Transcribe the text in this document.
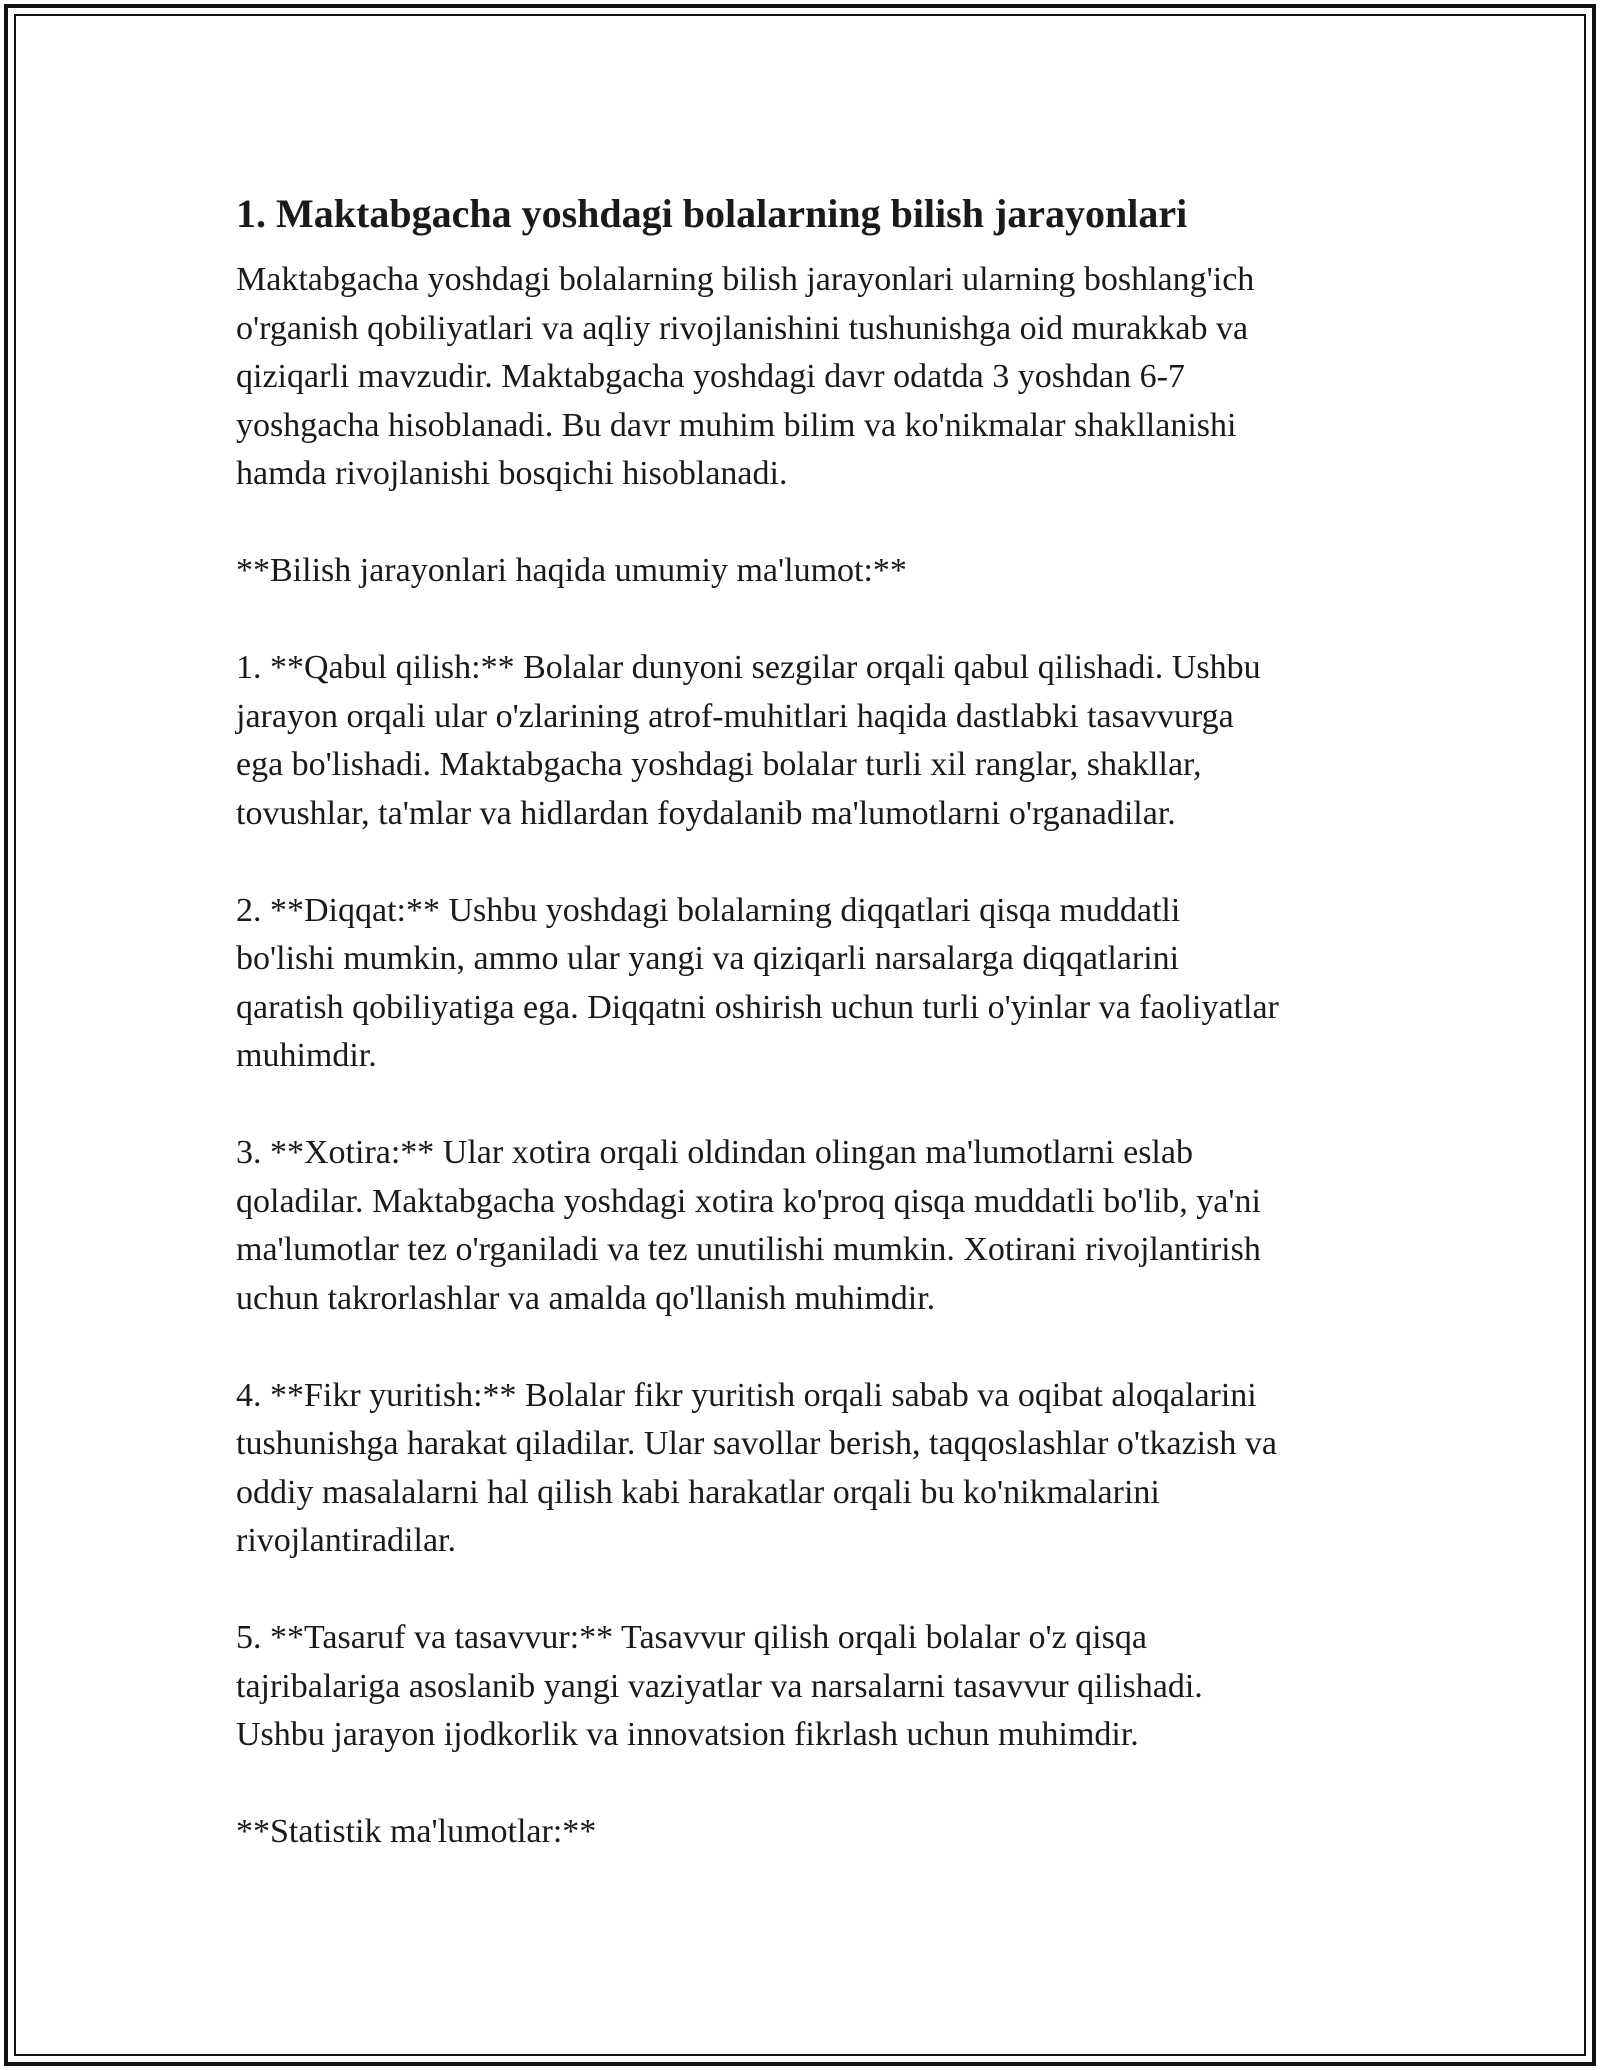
1. Maktabgacha yoshdagi bolalarning bilish jarayonlari

Maktabgacha yoshdagi bolalarning bilish jarayonlari ularning boshlang'ich
o'rganish qobiliyatlari va aqliy rivojlanishini tushunishga oid murakkab va
qiziqarli mavzudir. Maktabgacha yoshdagi davr odatda 3 yoshdan 6-7
yoshgacha hisoblanadi. Bu davr muhim bilim va ko'nikmalar shakllanishi
hamda rivojlanishi bosqichi hisoblanadi.

**Bilish jarayonlari haqida umumiy ma'lumot:**

1. **Qabul qilish:** Bolalar dunyoni sezgilar orqali qabul qilishadi. Ushbu
jarayon orqali ular o'zlarining atrof-muhitlari haqida dastlabki tasavvurga
ega bo'lishadi. Maktabgacha yoshdagi bolalar turli xil ranglar, shakllar,
tovushlar, ta'mlar va hidlardan foydalanib ma'lumotlarni o'rganadilar.

2. **Diqqat:** Ushbu yoshdagi bolalarning diqqatlari qisqa muddatli
bo'lishi mumkin, ammo ular yangi va qiziqarli narsalarga diqqatlarini
qaratish qobiliyatiga ega. Diqqatni oshirish uchun turli o'yinlar va faoliyatlar
muhimdir.

3. **Xotira:** Ular xotira orqali oldindan olingan ma'lumotlarni eslab
qoladilar. Maktabgacha yoshdagi xotira ko'proq qisqa muddatli bo'lib, ya'ni
ma'lumotlar tez o'rganiladi va tez unutilishi mumkin. Xotirani rivojlantirish
uchun takrorlashlar va amalda qo'llanish muhimdir.

4. **Fikr yuritish:** Bolalar fikr yuritish orqali sabab va oqibat aloqalarini
tushunishga harakat qiladilar. Ular savollar berish, taqqoslashlar o'tkazish va
oddiy masalalarni hal qilish kabi harakatlar orqali bu ko'nikmalarini
rivojlantiradilar.

5. **Tasaruf va tasavvur:** Tasavvur qilish orqali bolalar o'z qisqa
tajribalariga asoslanib yangi vaziyatlar va narsalarni tasavvur qilishadi.
Ushbu jarayon ijodkorlik va innovatsion fikrlash uchun muhimdir.

**Statistik ma'lumotlar:**
